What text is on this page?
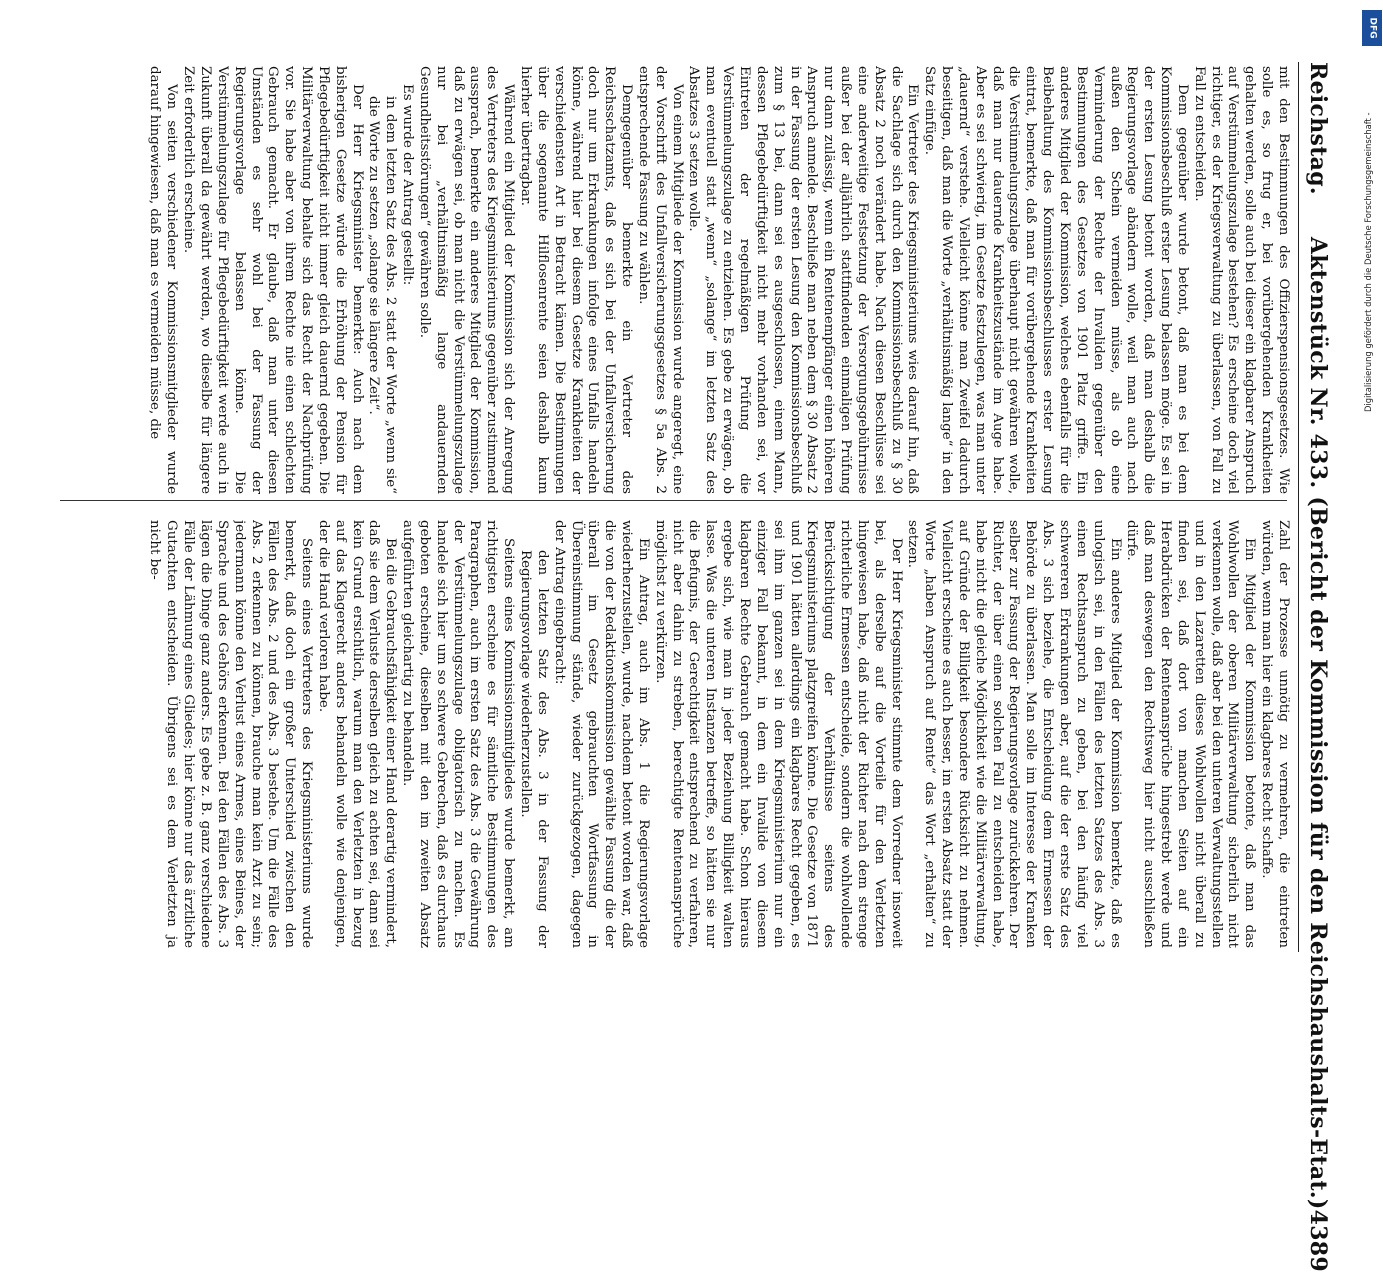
Reichstag.
Aktenstück Nr. 433. (Bericht der Kommission für den Reichshaushalts-Etat.)
4389

mit den Bestimmungen des Offizierspensionsgesetzes. Wie solle es, so frug er, bei vorübergehenden Krankheiten gehalten werden, solle auch bei dieser ein klagbarer Anspruch auf Verstümmelungszulage bestehen? Es erscheine doch viel richtiger, es der Kriegsverwaltung zu überlassen, von Fall zu Fall zu entscheiden.

Dem gegenüber wurde betont, daß man es bei dem Kommissionsbeschluß erster Lesung belassen möge. Es sei in der ersten Lesung betont worden, daß man deshalb die Regierungsvorlage abändern wolle, weil man auch nach außen den Schein vermeiden müsse, als ob eine Verminderung der Rechte der Invaliden gegenüber den Bestimmungen des Gesetzes von 1901 Platz griffe. Ein anderes Mitglied der Kommission, welches ebenfalls für die Beibehaltung des Kommissionsbeschlusses erster Lesung eintrat, bemerkte, daß man für vorübergehende Krankheiten die Verstümmelungszulage überhaupt nicht gewähren wolle, daß man nur dauernde Krankheitszustände im Auge habe. Aber es sei schwierig, im Gesetze festzulegen, was man unter „dauernd“ verstehe. Vielleicht könne man Zweifel dadurch beseitigen, daß man die Worte „verhältnismäßig lange“ in den Satz einfüge.

Ein Vertreter des Kriegsministeriums wies darauf hin, daß die Sachlage sich durch den Kommissionsbeschluß zu § 30 Absatz 2 noch verändert habe. Nach diesen Beschlüsse sei eine anderweitige Festsetzung der Versorgungsgebührnisse außer bei der alljährlich stattfindenden einmaligen Prüfung nur dann zulässig, wenn ein Rentenempfänger einen höheren Anspruch anmelde. Beschließe man neben dem § 30 Absatz 2 in der Fassung der ersten Lesung den Kommissionsbeschluß zum § 13 bei, dann sei es ausgeschlossen, einem Mann, dessen Pflegebedürftigkeit nicht mehr vorhanden sei, vor Eintreten der regelmäßigen Prüfung die Verstümmelungszulage zu entziehen. Es gebe zu erwägen, ob man eventuell statt „wenn“ „solange“ im letzten Satz des Absatzes 3 setzen wolle.

Von einem Mitgliede der Kommission wurde angeregt, eine der Vorschrift des Unfallversicherungsgesetzes § 5a Abs. 2 entsprechende Fassung zu wählen.

Demgegenüber bemerkte ein Vertreter des Reichsschatzamts, daß es sich bei der Unfallversicherung doch nur um Erkrankungen infolge eines Unfalls handeln könne, während hier bei diesem Gesetze Krankheiten der verschiedensten Art in Betracht kämen. Die Bestimmungen über die sogenannte Hilflosenrente seien deshalb kaum hierher übertragbar.

Während ein Mitglied der Kommission sich der Anregung des Vertreters des Kriegsministeriums gegenüber zustimmend aussprach, bemerkte ein anderes Mitglied der Kommission, daß zu erwägen sei, ob man nicht die Verstümmelungszulage nur bei „verhältnismäßig lange andauernden Gesundheitsstörungen“ gewähren solle.

Es wurde der Antrag gestellt:

in dem letzten Satz des Abs. 2 statt der Worte „wenn sie“ die Worte zu setzen „solange sie längere Zeit“.

Der Herr Kriegsminister bemerkte: Auch nach dem bisherigen Gesetze würde die Erhöhung der Pension für Pflegebedürftigkeit nicht immer gleich dauernd gegeben. Die Militärverwaltung behalte sich das Recht der Nachprüfung vor. Sie habe aber von ihrem Rechte nie einen schlechten Gebrauch gemacht. Er glaube, daß man unter diesen Umständen es sehr wohl bei der Fassung der Regierungsvorlage belassen könne. Die Verstümmelungszulage für Pflegebedürftigkeit werde auch in Zukunft überall da gewährt werden, wo dieselbe für längere Zeit erforderlich erscheine.

Von seiten verschiedener Kommissionsmitglieder wurde darauf hingewiesen, daß man es vermeiden müsse, die

Zahl der Prozesse unnötig zu vermehren, die eintreten würden, wenn man hier ein klagbares Recht schaffe.

Ein Mitglied der Kommission betonte, daß man das Wohlwollen der oberen Militärverwaltung sicherlich nicht verkennen wolle, daß aber bei den unteren Verwaltungsstellen und in den Lazaretten dieses Wohlwollen nicht überall zu finden sei, daß dort von manchen Seiten auf ein Herabdrücken der Rentenansprüche hingestrebt werde und daß man deswegen den Rechtsweg hier nicht ausschließen dürfe.

Ein anderes Mitglied der Kommission bemerkte, daß es unlogisch sei, in den Fällen des letzten Satzes des Abs. 3 einen Rechtsanspruch zu geben, bei den häufig viel schwereren Erkrankungen aber, auf die der erste Satz des Abs. 3 sich beziehe, die Entscheidung dem Ermessen der Behörde zu überlassen. Man solle im Interesse der Kranken selber zur Fassung der Regierungsvorlage zurückkehren. Der Richter, der über einen solchen Fall zu entscheiden habe, habe nicht die gleiche Möglichkeit wie die Militärverwaltung, auf Gründe der Billigkeit besondere Rücksicht zu nehmen. Vielleicht erscheine es auch besser, im ersten Absatz statt der Worte „haben Anspruch auf Rente“ das Wort „erhalten“ zu setzen.

Der Herr Kriegsminister stimmte dem Vorredner insoweit bei, als derselbe auf die Vorteile für den Verletzten hingewiesen habe, daß nicht der Richter nach dem strenge richterliche Ermessen entscheide, sondern die wohlwollende Berücksichtigung der Verhältnisse seitens des Kriegsministeriums platzgreifen könne. Die Gesetze von 1871 und 1901 hätten allerdings ein klagbares Recht gegeben, es sei ihm im ganzen sei in dem Kriegsministerium nur ein einziger Fall bekannt, in dem ein Invalide von diesem klagbaren Rechte Gebrauch gemacht habe. Schon hieraus ergebe sich, wie man in jeder Beziehung Billigkeit walten lasse. Was die unteren Instanzen betreffe, so hätten sie nur die Befugnis, der Gerechtigkeit entsprechend zu verfahren, nicht aber dahin zu streben, berechtigte Rentenansprüche möglichst zu verkürzen.

Ein Antrag, auch im Abs. 1 die Regierungsvorlage wiederherzustellen, wurde, nachdem betont worden war, daß die von der Redaktionskommission gewählte Fassung die der überall im Gesetz gebrauchten Wortfassung in Übereinstimmung stände, wieder zurückgezogen, dagegen der Antrag eingebracht:

den letzten Satz des Abs. 3 in der Fassung der Regierungsvorlage wiederherzustellen.

Seitens eines Kommissionsmitgliedes wurde bemerkt, am richtigsten erscheine es für sämtliche Bestimmungen des Paragraphen, auch im ersten Satz des Abs. 3 die Gewährung der Verstümmelungszulage obligatorisch zu machen. Es handele sich hier um so schwere Gebrechen, daß es durchaus geboten erscheine, dieselben mit den im zweiten Absatz aufgeführten gleichartig zu behandeln.

Bei die Gebrauchsfähigkeit einer Hand derartig vermindert, daß sie dem Verluste derselben gleich zu achten sei, dann sei kein Grund ersichtlich, warum man den Verletzten in bezug auf das Klagerecht anders behandeln wolle wie denjenigen, der die Hand verloren habe.

Seitens eines Vertreters des Kriegsministeriums wurde bemerkt, daß doch ein großer Unterschied zwischen den Fällen des Abs. 2 und des Abs. 3 bestehe. Um die Fälle des Abs. 2 erkennen zu können, brauche man kein Arzt zu sein; jedermann könne den Verlust eines Armes, eines Beines, der Sprache und des Gehörs erkennen. Bei den Fällen des Abs. 3 lägen die Dinge ganz anders. Es gebe z. B. ganz verschiedene Fälle der Lähmung eines Gliedes; hier könne nur das ärztliche Gutachten entscheiden. Übrigens sei es dem Verletzten ja nicht be-

DFG
Digitalisierung gefördert durch die Deutsche Forschungsgemeinschaft -
